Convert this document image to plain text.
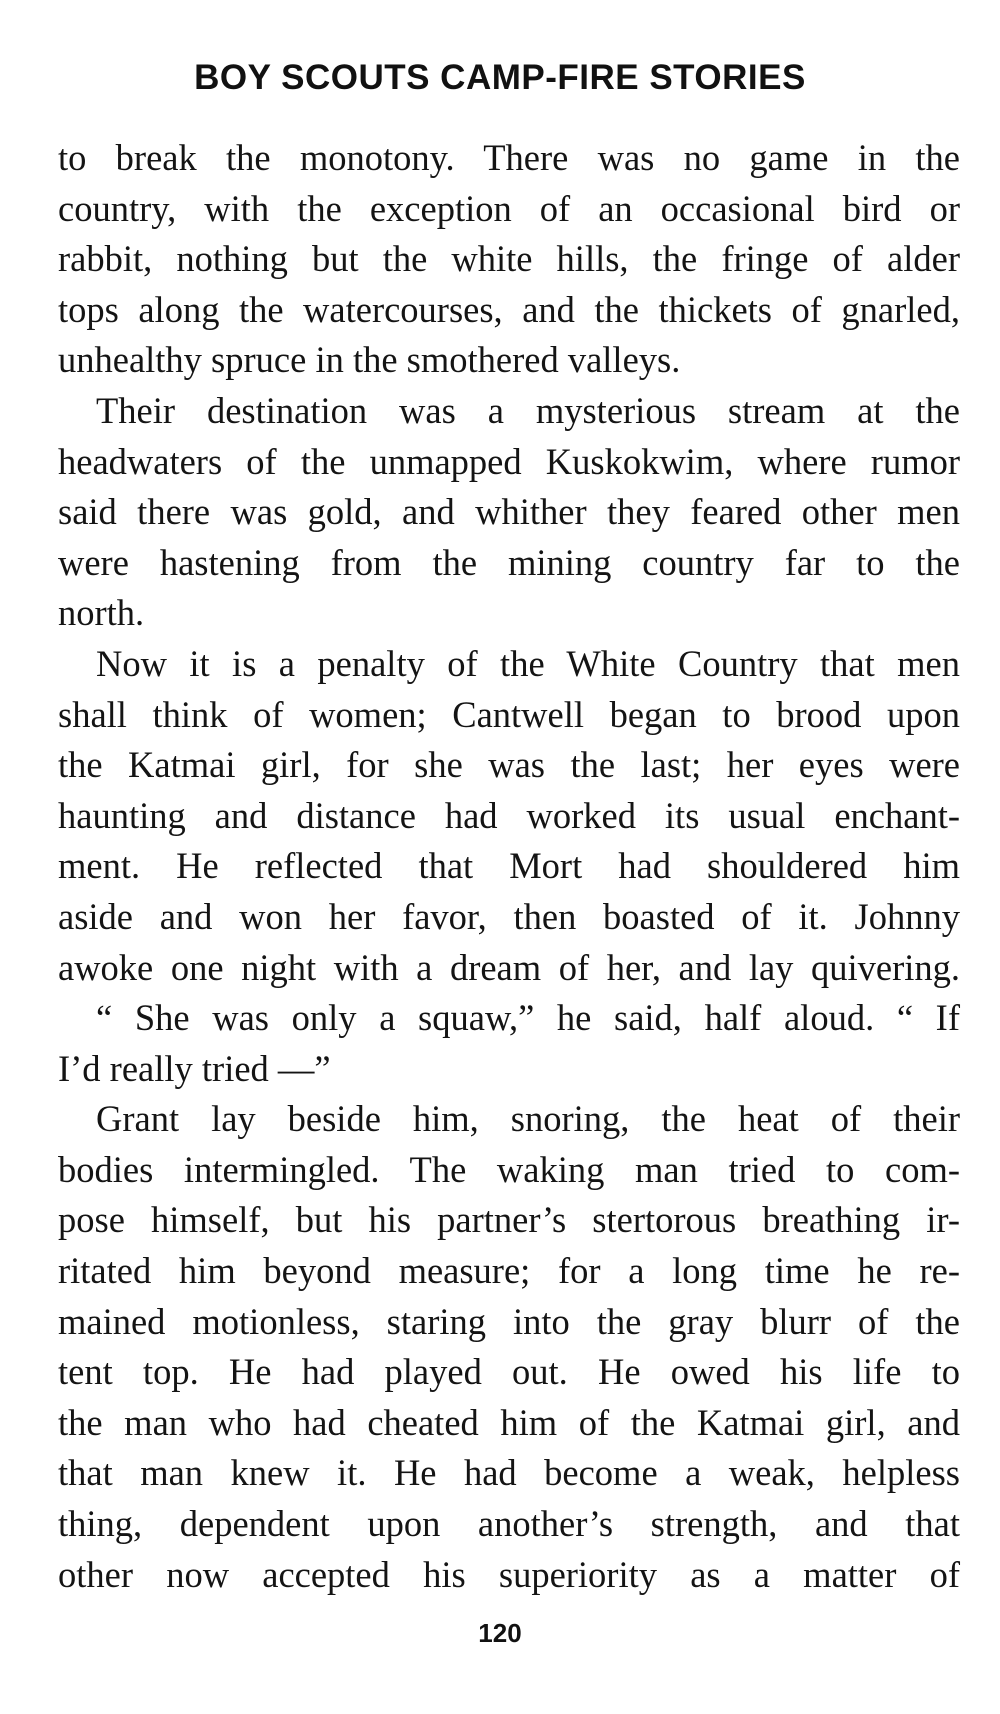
BOY SCOUTS CAMP-FIRE STORIES
to break the monotony. There was no game in the
country, with the exception of an occasional bird or
rabbit, nothing but the white hills, the fringe of alder
tops along the watercourses, and the thickets of gnarled,
unhealthy spruce in the smothered valleys.
Their destination was a mysterious stream at the
headwaters of the unmapped Kuskokwim, where rumor
said there was gold, and whither they feared other men
were hastening from the mining country far to the
north.
Now it is a penalty of the White Country that men
shall think of women; Cantwell began to brood upon
the Katmai girl, for she was the last; her eyes were
haunting and distance had worked its usual enchant-
ment. He reflected that Mort had shouldered him
aside and won her favor, then boasted of it. Johnny
awoke one night with a dream of her, and lay quivering.
“ She was only a squaw,” he said, half aloud. “ If
I’d really tried —”
Grant lay beside him, snoring, the heat of their
bodies intermingled. The waking man tried to com-
pose himself, but his partner’s stertorous breathing ir-
ritated him beyond measure; for a long time he re-
mained motionless, staring into the gray blurr of the
tent top. He had played out. He owed his life to
the man who had cheated him of the Katmai girl, and
that man knew it. He had become a weak, helpless
thing, dependent upon another’s strength, and that
other now accepted his superiority as a matter of
120
